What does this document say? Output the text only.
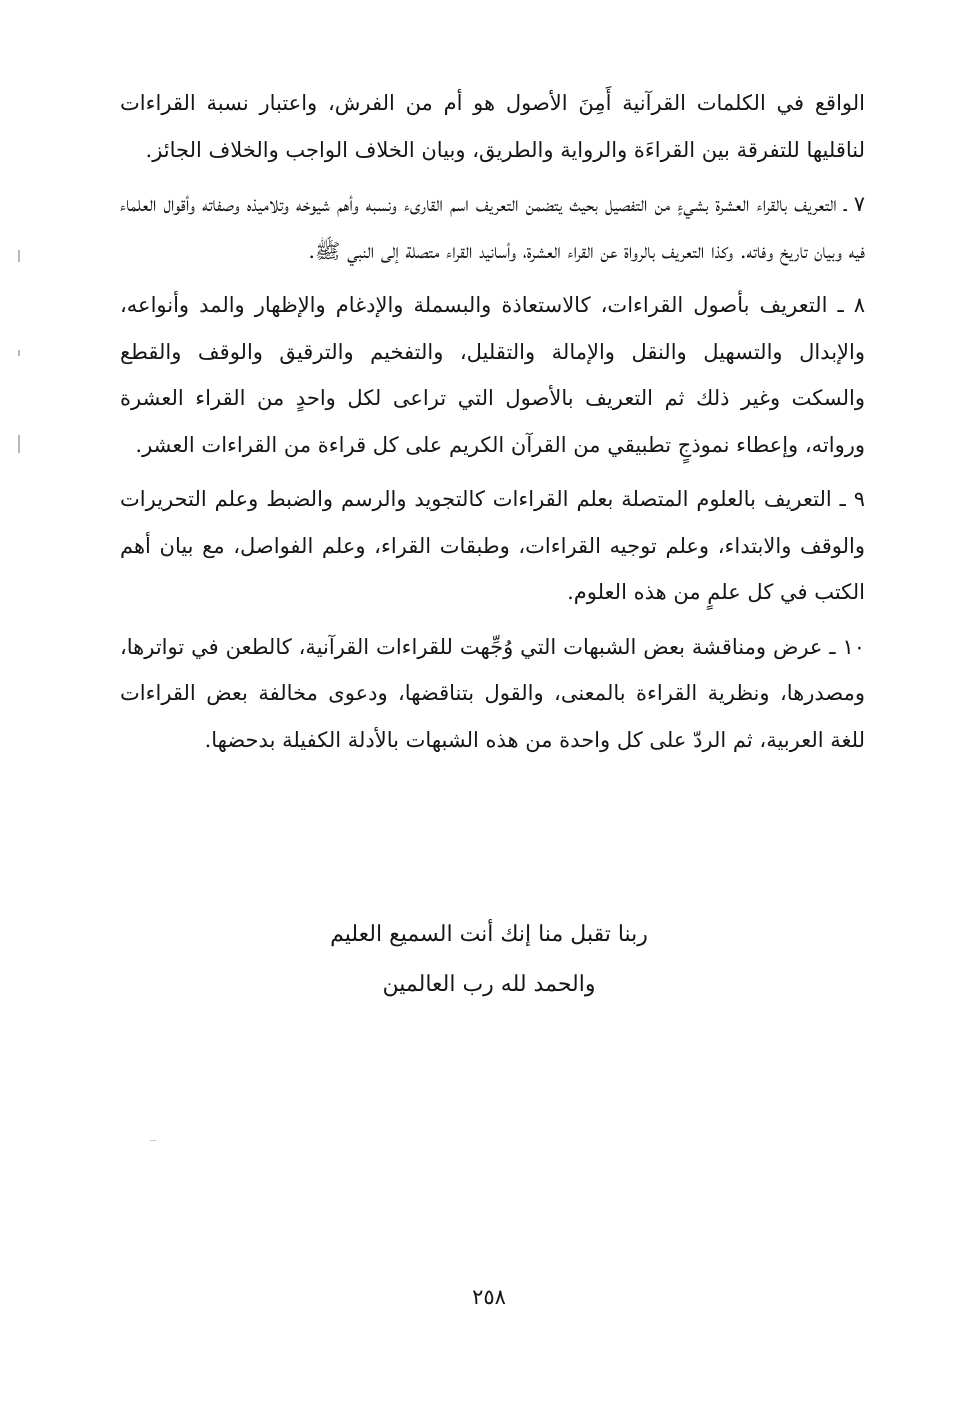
الواقع في الكلمات القرآنية أَمِنَ الأصول هو أم من الفرش، واعتبار نسبة القراءات لناقليها للتفرقة بين القراءَة والرواية والطريق، وبيان الخلاف الواجب والخلاف الجائز.

٧ ـ التعريف بالقراء العشرة بشيءٍ من التفصيل بحيث يتضمن التعريف اسم القارىء ونسبه وأهم شيوخه وتلاميذه وصفاته وأقوال العلماء فيه وبيان تاريخ وفاته. وكذا التعريف بالرواة عن القراء العشرة، وأسانيد القراء متصلة إلى النبي ﷺ.

٨ ـ التعريف بأصول القراءات، كالاستعاذة والبسملة والإدغام والإظهار والمد وأنواعه، والإبدال والتسهيل والنقل والإمالة والتقليل، والتفخيم والترقيق والوقف والقطع والسكت وغير ذلك ثم التعريف بالأصول التي تراعى لكل واحدٍ من القراء العشرة ورواته، وإعطاء نموذجٍ تطبيقي من القرآن الكريم على كل قراءة من القراءات العشر.

٩ ـ التعريف بالعلوم المتصلة بعلم القراءات كالتجويد والرسم والضبط وعلم التحريرات والوقف والابتداء، وعلم توجيه القراءات، وطبقات القراء، وعلم الفواصل، مع بيان أهم الكتب في كل علمٍ من هذه العلوم.

١٠ ـ عرض ومناقشة بعض الشبهات التي وُجِّهت للقراءات القرآنية، كالطعن في تواترها، ومصدرها، ونظرية القراءة بالمعنى، والقول بتناقضها، ودعوى مخالفة بعض القراءات للغة العربية، ثم الردّ على كل واحدة من هذه الشبهات بالأدلة الكفيلة بدحضها.

ربنا تقبل منا إنك أنت السميع العليم
والحمد لله رب العالمين
٢٥٨
